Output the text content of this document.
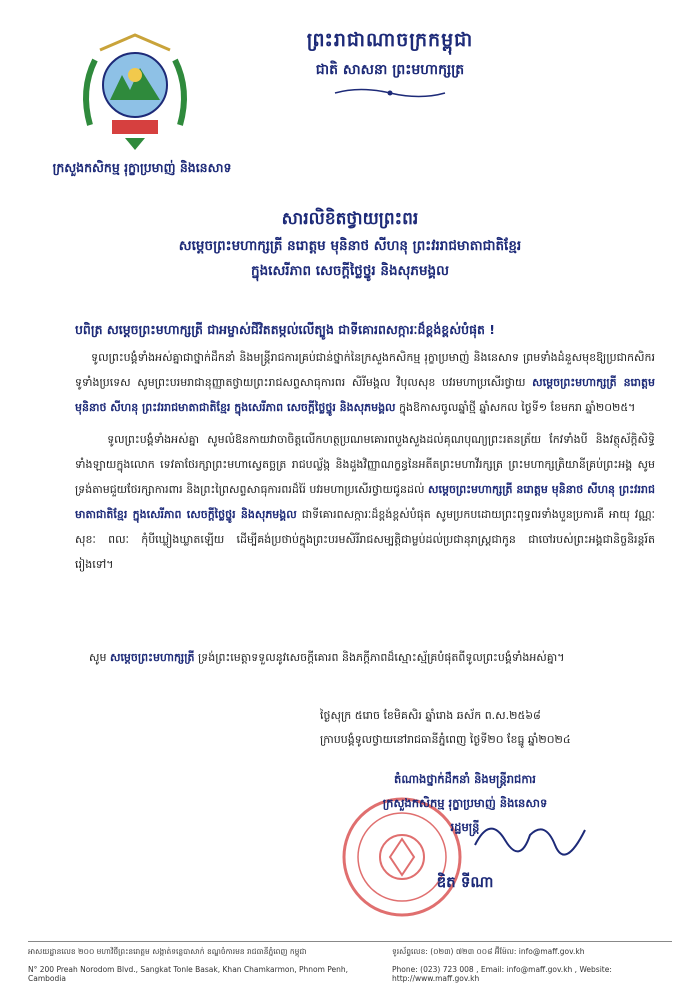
ព្រះរាជាណាចក្រកម្ពុជា
ជាតិ សាសនា ព្រះមហាក្សត្រ
ក្រសួងកសិកម្ម រុក្ខាប្រមាញ់ និងនេសាទ
សារលិខិតថ្វាយព្រះពរ
សម្ដេចព្រះមហាក្សត្រី នរោត្តម មុនិនាថ សីហនុ ព្រះវររាជមាតាជាតិខ្មែរ
ក្នុងសេរីភាព សេចក្ដីថ្លៃថ្នូរ និងសុភមង្គល
បពិត្រ សម្ដេចព្រះមហាក្សត្រី ជាអម្ចាស់ជីវិតតម្កល់លើត្បូង ជាទីគោរពសក្ការៈដ៏ខ្ពង់ខ្ពស់បំផុត !
ទូលព្រះបង្គំទាំងអស់គ្នាជាថ្នាក់ដឹកនាំ និងមន្ត្រីរាជការគ្រប់ជាន់ថ្នាក់នៃក្រសួងកសិកម្ម រុក្ខាប្រមាញ់ និងនេសាទ ព្រមទាំងដំនួសមុខឱ្យប្រជាកសិករទូទាំងប្រទេស សូមព្រះបរមរាជានុញ្ញាតថ្វាយព្រះរាជសព្ទសាធុការពរ សិរីមង្គល វិបុលសុខ បវរមហាប្រសើរថ្វាយ សម្ដេចព្រះមហាក្សត្រី នរោត្តម មុនិនាថ សីហនុ ព្រះវររាជមាតាជាតិខ្មែរ ក្នុងសេរីភាព សេចក្ដីថ្លៃថ្នូរ និងសុភមង្គល ក្នុងឱកាសចូលឆ្នាំថ្មី ឆ្នាំសកល ថ្ងៃទី១ ខែមករា ឆ្នាំ២០២៥។
ទូលព្រះបង្គំទាំងអស់គ្នា សូមលំឱនកាយវាចាចិត្តលើកហត្ថប្រណមគោរពបួងសួងដល់គុណបុណ្យព្រះរតនត្រ័យ កែវទាំងបី និងវត្ថុស័ក្ដិសិទ្ធិទាំងឡាយក្នុងលោក ទេវតាថែរក្សាព្រះមហាស្វេតច្ឆត្រ រាជបល្ល័ង្ក និងដួងវិញ្ញាណក្ខន្ធនៃអតីតព្រះមហាវីរក្សត្រ ព្រះមហាក្សត្រិយានីគ្រប់ព្រះអង្គ សូមទ្រង់តាមជួយថែរក្សាការពារ និងព្រះព្រៃសព្ទសាធុការពរដ៏រ៉ៃ បវរមហាប្រសើរថ្វាយជូនដល់ សម្ដេចព្រះមហាក្សត្រី នរោត្តម មុនិនាថ សីហនុ ព្រះវររាជមាតាជាតិខ្មែរ ក្នុងសេរីភាព សេចក្ដីថ្លៃថ្នូរ និងសុភមង្គល ជាទីគោរពសក្ការៈដ៏ខ្ពង់ខ្ពស់បំផុត សូមប្រកបដោយព្រះពុទ្ធពរទាំងបួនប្រការគឺ អាយុ វណ្ណៈ សុខៈ ពលៈ កុំបីឃ្លៀងឃ្លាតឡើយ ដើម្បីគង់ប្រថាប់ក្នុងព្រះបរមសិរីរាជសម្បត្តិជាម្លប់ដល់ប្រជានុរាស្ត្រជាកូន ជាចៅរបស់ព្រះអង្គជានិច្ចនិរន្តរ៍តរៀងទៅ។
សូម សម្ដេចព្រះមហាក្សត្រី ទ្រង់ព្រះមេត្តាទទួលនូវសេចក្ដីគោរព និងភក្ដីភាពដ៏ស្មោះស្ម័គ្របំផុតពីទូលព្រះបង្គំទាំងអស់គ្នា។
ថ្ងៃសុក្រ ៥រោច ខែមិគសិរ ឆ្នាំរោង ឆស័ក ព.ស.២៥៦៨
ក្រាបបង្គំទូលថ្វាយនៅរាជធានីភ្នំពេញ ថ្ងៃទី២០ ខែធ្នូ ឆ្នាំ២០២៤
តំណាងថ្នាក់ដឹកនាំ និងមន្ត្រីរាជការ
ក្រសួងកសិកម្ម រុក្ខាប្រមាញ់ និងនេសាទ
រដ្ឋមន្ត្រី
ឌិត ទីណា
អាសយដ្ឋានលេខ ២០០ មហាវិថីព្រះនរោត្តម សង្កាត់ទន្លេបាសាក់ ខណ្ឌចំការមន រាជធានីភ្នំពេញ កម្ពុជា
N° 200 Preah Norodom Blvd., Sangkat Tonle Basak, Khan Chamkarmon, Phnom Penh, Cambodia
ទូរស័ព្ទលេខ: (០២៣) ៧២៣ ០០៨ អ៊ីម៉ែល: info@maff.gov.kh
Phone: (023) 723 008 , Email: info@maff.gov.kh , Website: http://www.maff.gov.kh
